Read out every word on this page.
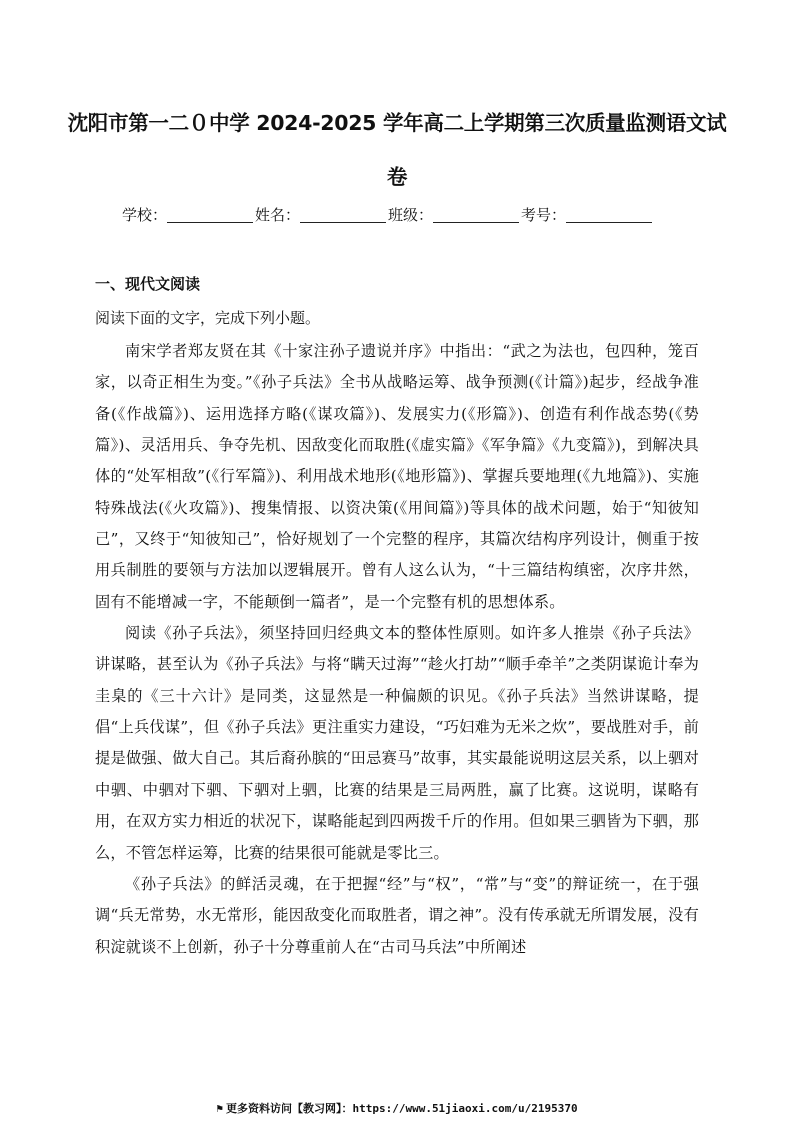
沈阳市第一二０中学 2024-2025 学年高二上学期第三次质量监测语文试卷
学校：	姓名：	班级：	考号：
一、现代文阅读

阅读下面的文字，完成下列小题。

南宋学者郑友贤在其《十家注孙子遗说并序》中指出：“武之为法也，包四种，笼百家，以奇正相生为变。”《孙子兵法》全书从战略运筹、战争预测(《计篇》)起步，经战争准备(《作战篇》)、运用选择方略(《谋攻篇》)、发展实力(《形篇》)、创造有利作战态势(《势篇》)、灵活用兵、争夺先机、因敌变化而取胜(《虚实篇》《军争篇》《九变篇》)，到解决具体的“处军相敌”(《行军篇》)、利用战术地形(《地形篇》)、掌握兵要地理(《九地篇》)、实施特殊战法(《火攻篇》)、搜集情报、以资决策(《用间篇》)等具体的战术问题，始于“知彼知己”，又终于“知彼知己”，恰好规划了一个完整的程序，其篇次结构序列设计，侧重于按用兵制胜的要领与方法加以逻辑展开。曾有人这么认为，“十三篇结构缜密，次序井然，固有不能增减一字，不能颠倒一篇者”，是一个完整有机的思想体系。

阅读《孙子兵法》，须坚持回归经典文本的整体性原则。如许多人推崇《孙子兵法》讲谋略，甚至认为《孙子兵法》与将“瞒天过海”“趁火打劫”“顺手牵羊”之类阴谋诡计奉为圭臬的《三十六计》是同类，这显然是一种偏颇的识见。《孙子兵法》当然讲谋略，提倡“上兵伐谋”，但《孙子兵法》更注重实力建设，“巧妇难为无米之炊”，要战胜对手，前提是做强、做大自己。其后裔孙膑的“田忌赛马”故事，其实最能说明这层关系，以上驷对中驷、中驷对下驷、下驷对上驷，比赛的结果是三局两胜，赢了比赛。这说明，谋略有用，在双方实力相近的状况下，谋略能起到四两拨千斤的作用。但如果三驷皆为下驷，那么，不管怎样运筹，比赛的结果很可能就是零比三。

《孙子兵法》的鲜活灵魂，在于把握“经”与“权”，“常”与“变”的辩证统一，在于强调“兵无常势，水无常形，能因敌变化而取胜者，谓之神”。没有传承就无所谓发展，没有积淀就谈不上创新，孙子十分尊重前人在“古司马兵法”中所阐述

⚑ 更多资料访问【教习网】：https://www.51jiaoxi.com/u/2195370
